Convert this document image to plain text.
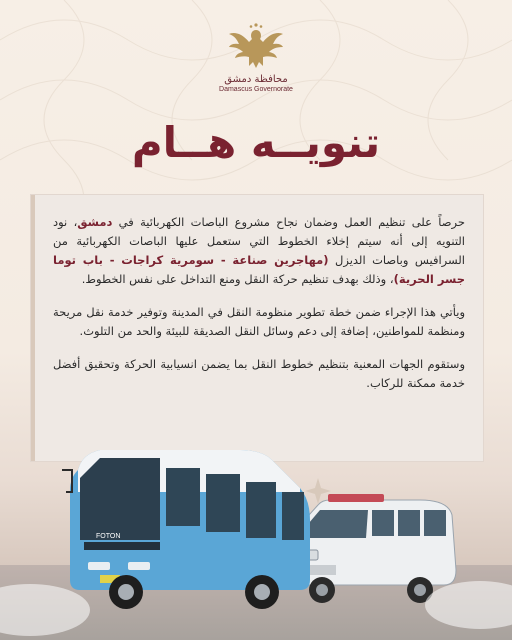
محافظة دمشق
Damascus Governorate
تنويــه هــام

حرصاً على تنظيم العمل وضمان نجاح مشروع الباصات الكهربائية في دمشق، نود التنويه إلى أنه سيتم إخلاء الخطوط التي ستعمل عليها الباصات الكهربائية من السرافيس وباصات الديزل (مهاجرين صناعة - سومرية كراجات - باب توما جسر الحرية)، وذلك بهدف تنظيم حركة النقل ومنع التداخل على نفس الخطوط.

ويأتي هذا الإجراء ضمن خطة تطوير منظومة النقل في المدينة وتوفير خدمة نقل مريحة ومنظمة للمواطنين، إضافة إلى دعم وسائل النقل الصديقة للبيئة والحد من التلوث.

وستقوم الجهات المعنية بتنظيم خطوط النقل بما يضمن انسيابية الحركة وتحقيق أفضل خدمة ممكنة للركاب.

FOTON
